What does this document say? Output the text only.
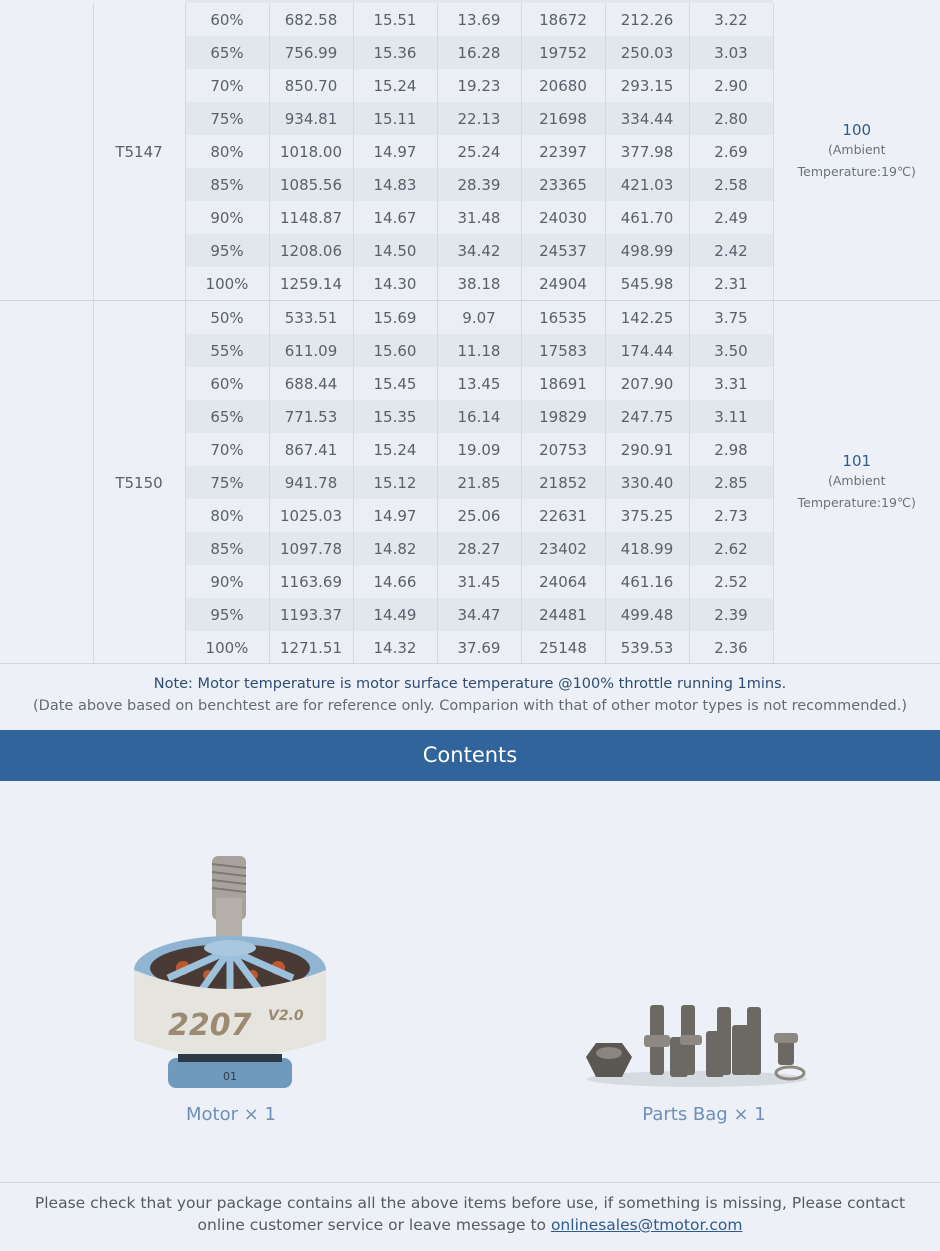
	T5147	60%	682.58	15.51	13.69	18672	212.26	3.22	100
(Ambient
Temperature:19℃)

		65%	756.99	15.36	16.28	19752	250.03	3.03	
		70%	850.70	15.24	19.23	20680	293.15	2.90	
		75%	934.81	15.11	22.13	21698	334.44	2.80	
		80%	1018.00	14.97	25.24	22397	377.98	2.69	
		85%	1085.56	14.83	28.39	23365	421.03	2.58	
		90%	1148.87	14.67	31.48	24030	461.70	2.49	
		95%	1208.06	14.50	34.42	24537	498.99	2.42	
		100%	1259.14	14.30	38.18	24904	545.98	2.31	
	T5150	50%	533.51	15.69	9.07	16535	142.25	3.75	101
(Ambient
Temperature:19℃)

		55%	611.09	15.60	11.18	17583	174.44	3.50	
		60%	688.44	15.45	13.45	18691	207.90	3.31	
		65%	771.53	15.35	16.14	19829	247.75	3.11	
		70%	867.41	15.24	19.09	20753	290.91	2.98	
		75%	941.78	15.12	21.85	21852	330.40	2.85	
		80%	1025.03	14.97	25.06	22631	375.25	2.73	
		85%	1097.78	14.82	28.27	23402	418.99	2.62	
		90%	1163.69	14.66	31.45	24064	461.16	2.52	
		95%	1193.37	14.49	34.47	24481	499.48	2.39	
		100%	1271.51	14.32	37.69	25148	539.53	2.36	
Note: Motor temperature is motor surface temperature @100% throttle running 1mins.
(Date above based on benchtest are for reference only. Comparion with that of other motor types is not recommended.)
Contents
2207 V2.0
01
Motor × 1	Parts Bag × 1
Please check that your package contains all the above items before use, if something is missing, Please contact online customer service or leave message to onlinesales@tmotor.com
